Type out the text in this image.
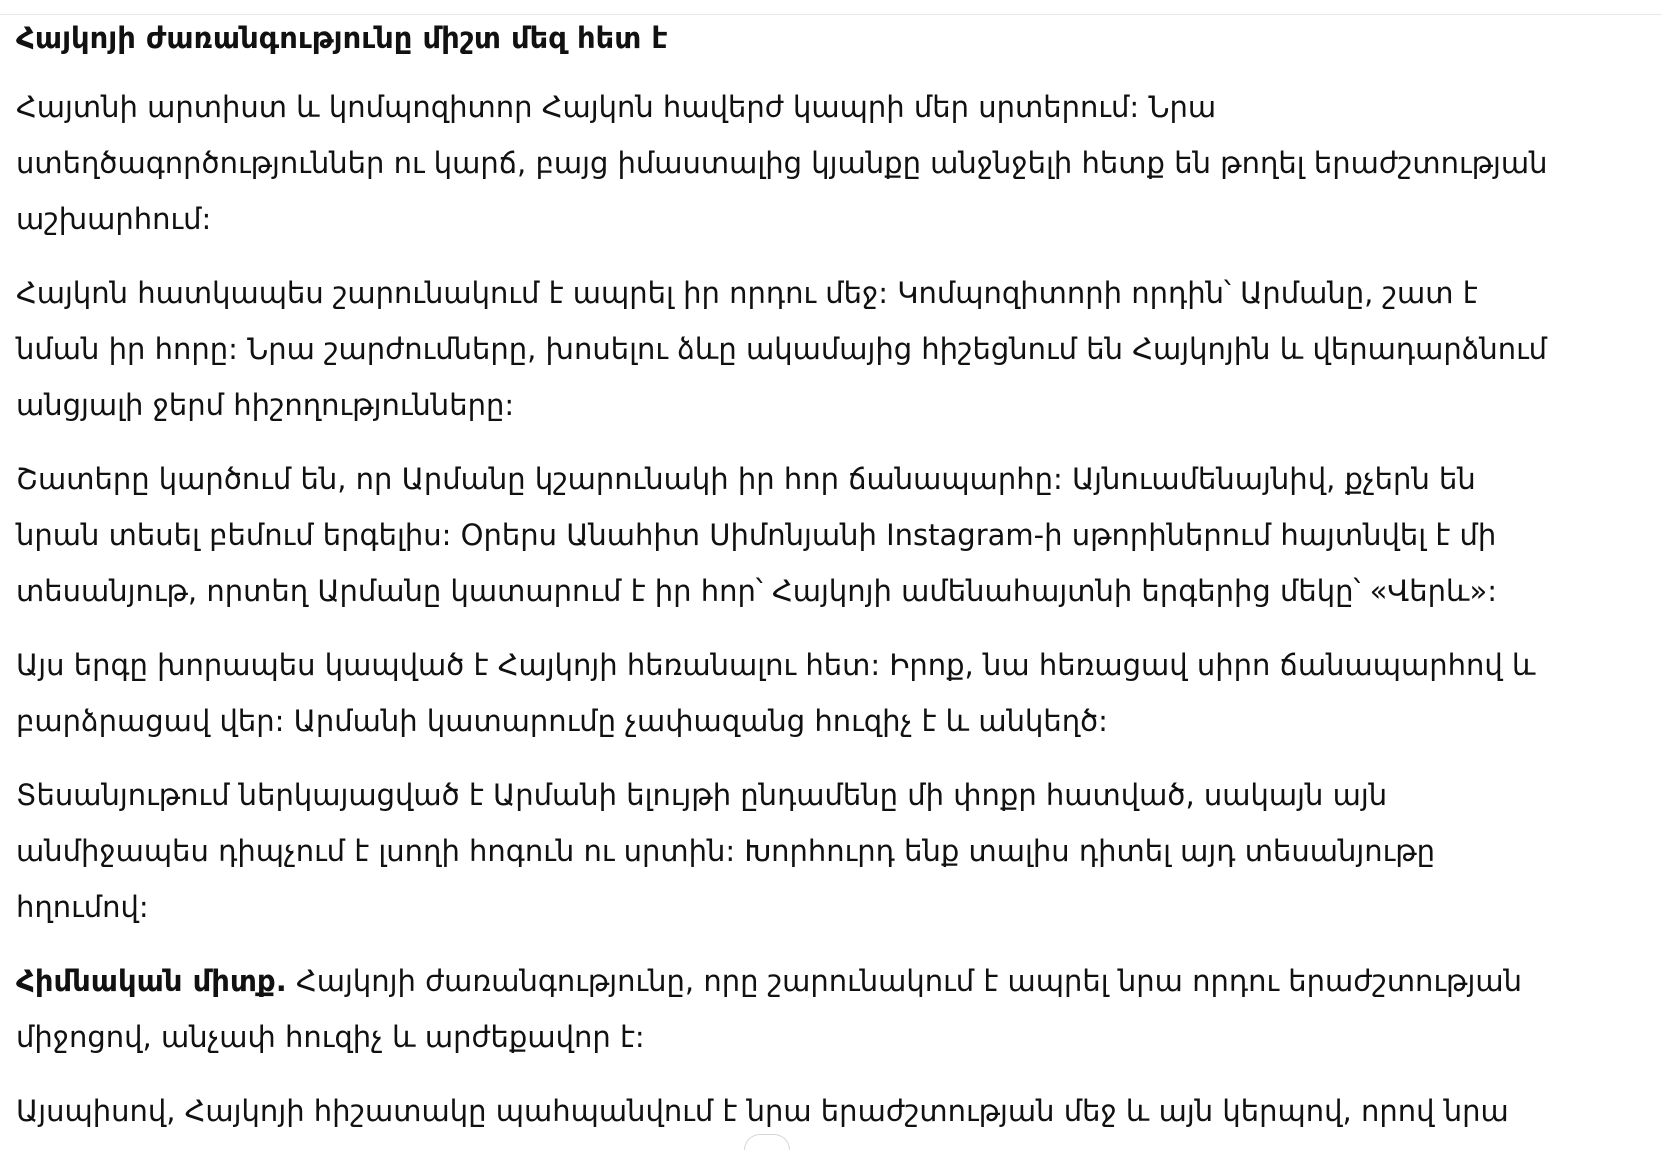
Հայկոյի ժառանգությունը միշտ մեզ հետ է

Հայտնի արտիստ և կոմպոզիտոր Հայկոն հավերժ կապրի մեր սրտերում: Նրա ստեղծագործություններ ու կարճ, բայց իմաստալից կյանքը անջնջելի հետք են թողել երաժշտության աշխարհում:

Հայկոն հատկապես շարունակում է ապրել իր որդու մեջ: Կոմպոզիտորի որդին՝ Արմանը, շատ է նման իր հորը: Նրա շարժումները, խոսելու ձևը ակամայից հիշեցնում են Հայկոյին և վերադարձնում անցյալի ջերմ հիշողությունները:

Շատերը կարծում են, որ Արմանը կշարունակի իր հոր ճանապարհը: Այնուամենայնիվ, քչերն են նրան տեսել բեմում երգելիս: Օրերս Անահիտ Սիմոնյանի Instagram-ի սթորիներում հայտնվել է մի տեսանյութ, որտեղ Արմանը կատարում է իր հոր՝ Հայկոյի ամենահայտնի երգերից մեկը՝ «Վերև»:

Այս երգը խորապես կապված է Հայկոյի հեռանալու հետ: Իրոք, նա հեռացավ սիրո ճանապարհով և բարձրացավ վեր: Արմանի կատարումը չափազանց հուզիչ է և անկեղծ:

Տեսանյութում ներկայացված է Արմանի ելույթի ընդամենը մի փոքր հատված, սակայն այն անմիջապես դիպչում է լսողի հոգուն ու սրտին: Խորհուրդ ենք տալիս դիտել այդ տեսանյութը հղումով:

Հիմնական միտք. Հայկոյի ժառանգությունը, որը շարունակում է ապրել նրա որդու երաժշտության միջոցով, անչափ հուզիչ և արժեքավոր է:

Այսպիսով, Հայկոյի հիշատակը պահպանվում է նրա երաժշտության մեջ և այն կերպով, որով նրա
